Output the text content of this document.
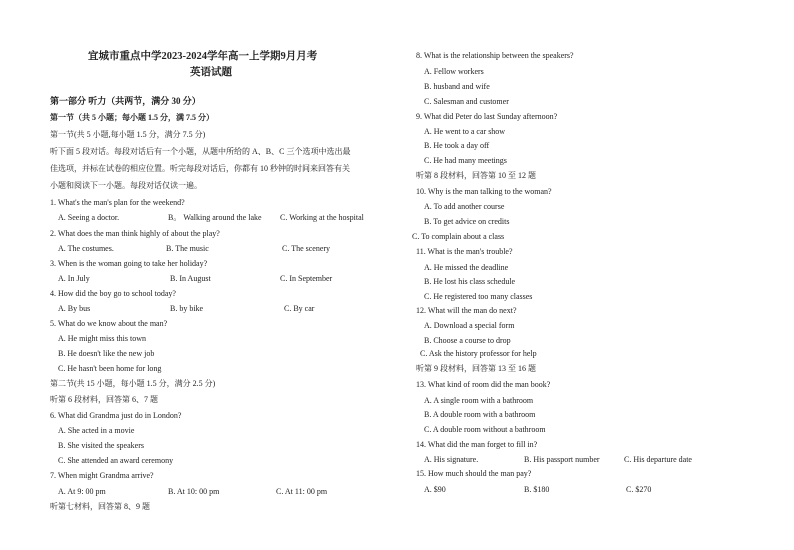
宜城市重点中学2023-2024学年高一上学期9月月考
英语试题
第一部分 听力（共两节，满分 30 分）
第一节（共 5 小题；每小题 1.5 分，满 7.5 分）
第一节(共 5 小题,每小题 1.5 分，满分 7.5 分)
听下面 5 段对话。每段对话后有一个小题，从题中所给的 A、B、C 三个选项中选出最
佳选项，并标在试卷的相应位置。听完每段对话后，你都有 10 秒钟的时间来回答有关
小题和阅读下一小题。每段对话仅读一遍。
1. What's the man's plan for the weekend?
A. Seeing a doctor.	B。 Walking around the lake C. Working at the hospital
2. What does the man think highly of about the play?
A. The costumes.	B. The music	C. The scenery
3. When is the woman going to take her holiday?
A. In July	B. In August	C. In September
4. How did the boy go to school today?
A. By bus	B. by bike	C. By car
5. What do we know about the man?
A. He might miss this town
B. He doesn't like the new job
C. He hasn't been home for long
第二节(共 15 小题，每小题 1.5 分，满分 2.5 分)
听第 6 段材料，回答第 6、7 题
6. What did Grandma just do in London?
A. She acted in a movie
B. She visited the speakers
C. She attended an award ceremony
7. When might Grandma arrive?
A. At 9: 00 pm	B. At 10: 00 pm	C. At 11: 00 pm
听第七材料，回答第 8、9 题
8. What is the relationship between the speakers?
A. Fellow workers
B. husband and wife
C. Salesman and customer
9. What did Peter do last Sunday afternoon?
A. He went to a car show
B. He took a day off
C. He had many meetings
听第 8 段材料，回答第 10 至 12 题
10. Why is the man talking to the woman?
A. To add another course
B. To get advice on credits
C. To complain about a class
11. What is the man's trouble?
A. He missed the deadline
B. He lost his class schedule
C. He registered too many classes
12. What will the man do next?
A. Download a special form
B. Choose a course to drop
C. Ask the history professor for help
听第 9 段材料，回答第 13 至 16 题
13. What kind of room did the man book?
A. A single room with a bathroom
B. A double room with a bathroom
C. A double room without a bathroom
14. What did the man forget to fill in?
A. His signature.	B. His passport number	C. His departure date
15. How much should the man pay?
A. $90	B. $180	C. $270
